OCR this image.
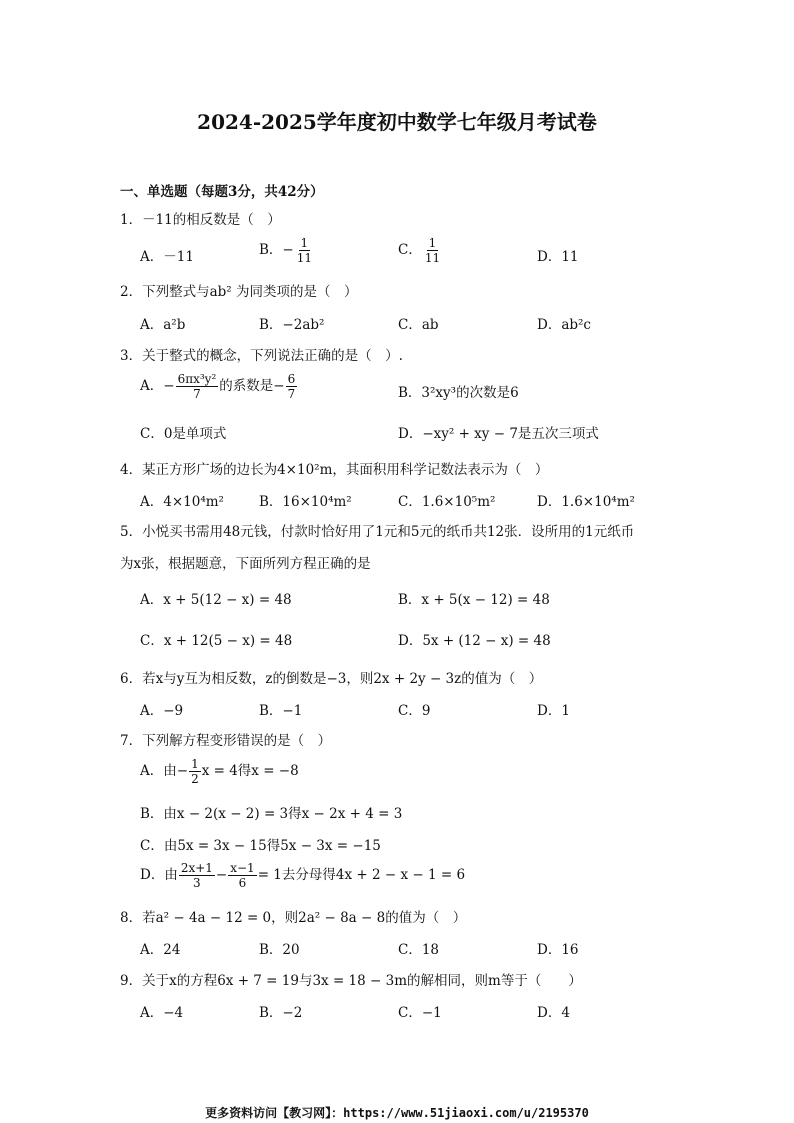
2024-2025学年度初中数学七年级月考试卷
一、单选题（每题3分，共42分）
1．－11的相反数是（　）
A．－11	B．− $\frac{1}{11}$	C． $\frac{1}{11}$	D．11
2．下列整式与ab² 为同类项的是（　）
A．a²b	B．−2ab²	C．ab	D．ab²c
3．关于整式的概念，下列说法正确的是（　）.
A．− $\frac{\text{6πx³y²}}{7}$ 的系数是− $\frac{6}{7}$	B．3²xy³的次数是6
C．0是单项式	D．−xy² + xy − 7是五次三项式
4．某正方形广场的边长为4×10²m，其面积用科学记数法表示为（　）
A．4×10⁴m²	B．16×10⁴m²	C．1.6×10⁵m²	D．1.6×10⁴m²
5．小悦买书需用48元钱，付款时恰好用了1元和5元的纸币共12张．设所用的1元纸币
为x张，根据题意，下面所列方程正确的是
A．x + 5(12 − x) = 48	B．x + 5(x − 12) = 48
C．x + 12(5 − x) = 48	D．5x + (12 − x) = 48
6．若x与y互为相反数，z的倒数是−3，则2x + 2y − 3z的值为（　）
A．−9	B．−1	C．9	D．1
7．下列解方程变形错误的是（　）
A．由− $\frac{1}{2}$ x = 4得x = −8
B．由x − 2(x − 2) = 3得x − 2x + 4 = 3
C．由5x = 3x − 15得5x − 3x = −15
D．由 $\frac{2x+1}{3} - \frac{x-1}{6} = 1$去分母得4x + 2 − x − 1 = 6
8．若a² − 4a − 12 = 0，则2a² − 8a − 8的值为（　）
A．24	B．20	C．18	D．16
9．关于x的方程6x + 7 = 19与3x = 18 − 3m的解相同，则m等于（　　）
A．−4	B．−2	C．−1	D．4
更多资料访问【教习网】：https://www.51jiaoxi.com/u/2195370
